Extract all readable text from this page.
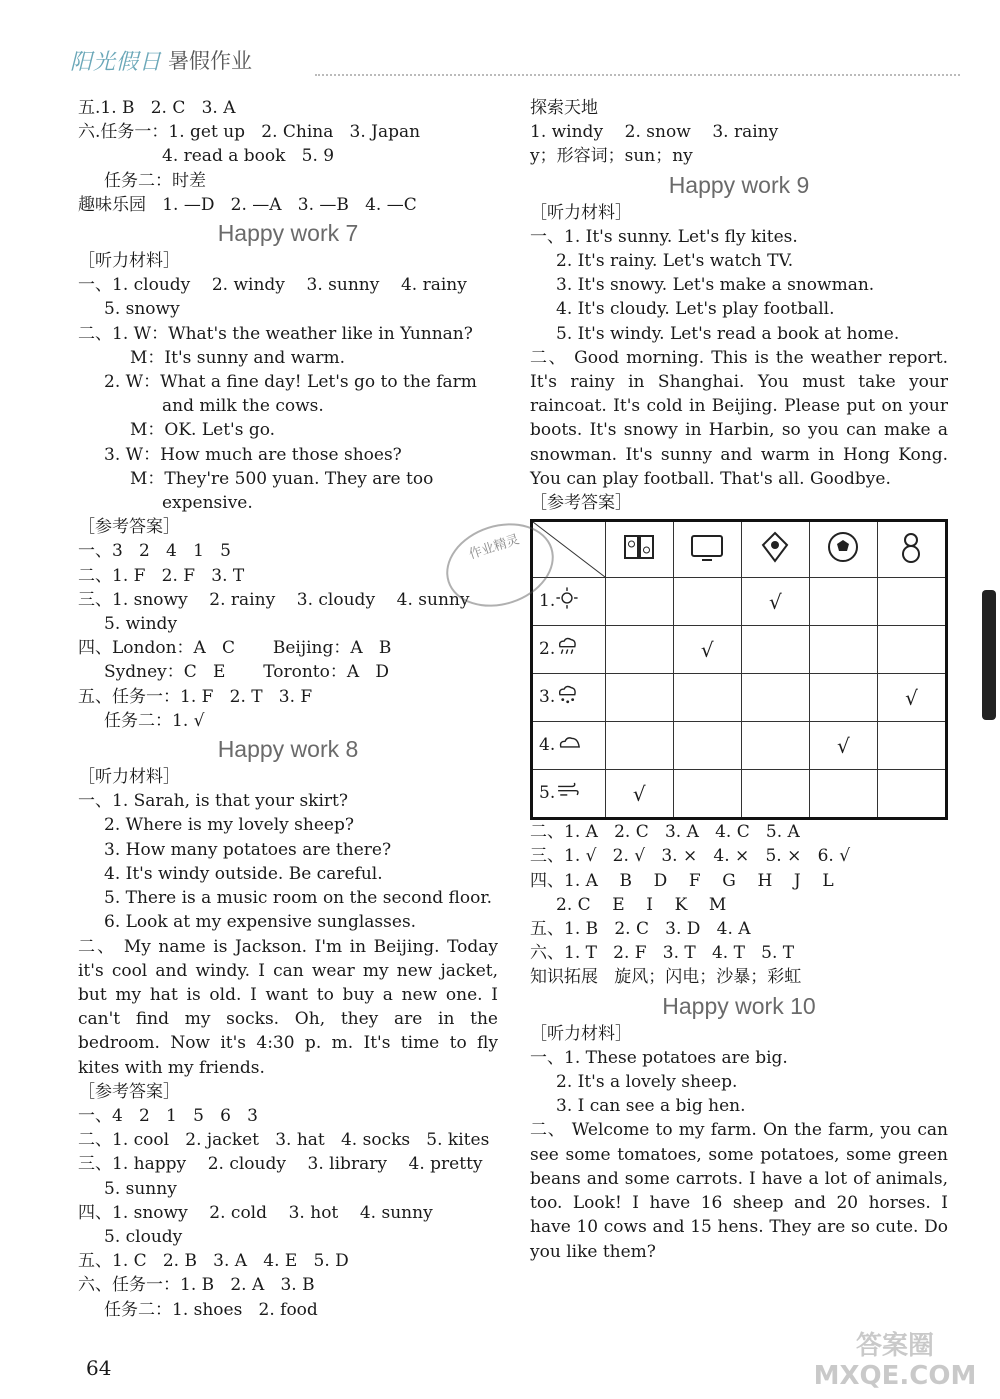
阳光假日 暑假作业
五.1. B   2. C   3. A
六.任务一：1. get up   2. China   3. Japan
4. read a book   5. 9
任务二：时差
趣味乐园   1. —D   2. —A   3. —B   4. —C
Happy work 7
［听力材料］
一、1. cloudy    2. windy    3. sunny    4. rainy
5. snowy
二、1. W：What's the weather like in Yunnan?
M：It's sunny and warm.
2. W：What a fine day! Let's go to the farm
and milk the cows.
M：OK. Let's go.
3. W：How much are those shoes?
M：They're 500 yuan. They are too
expensive.
［参考答案］
一、3   2   4   1   5
二、1. F   2. F   3. T
三、1. snowy    2. rainy    3. cloudy    4. sunny
5. windy
四、London：A   C       Beijing：A   B
Sydney：C   E       Toronto：A   D
五、任务一：1. F   2. T   3. F
任务二：1. √
Happy work 8
［听力材料］
一、1. Sarah, is that your skirt?
2. Where is my lovely sheep?
3. How many potatoes are there?
4. It's windy outside. Be careful.
5. There is a music room on the second floor.
6. Look at my expensive sunglasses.
二、 My name is Jackson. I'm in Beijing. Today it's cool and windy. I can wear my new jacket, but my hat is old. I want to buy a new one. I can't find my socks. Oh, they are in the bedroom. Now it's 4:30 p. m. It's time to fly kites with my friends.
［参考答案］
一、4   2   1   5   6   3
二、1. cool   2. jacket   3. hat   4. socks   5. kites
三、1. happy    2. cloudy    3. library    4. pretty
5. sunny
四、1. snowy    2. cold    3. hot    4. sunny
5. cloudy
五、1. C   2. B   3. A   4. E   5. D
六、任务一：1. B   2. A   3. B
任务二：1. shoes   2. food
探索天地
1. windy    2. snow    3. rainy
y；形容词；sun；ny
Happy work 9
［听力材料］
一、1. It's sunny. Let's fly kites.
2. It's rainy. Let's watch TV.
3. It's snowy. Let's make a snowman.
4. It's cloudy. Let's play football.
5. It's windy. Let's read a book at home.
二、 Good morning. This is the weather report. It's rainy in Shanghai. You must take your raincoat. It's cold in Beijing. Please put on your boots. It's snowy in Harbin, so you can make a snowman. It's sunny and warm in Hong Kong. You can play football. That's all. Goodbye.
［参考答案］

1.			√		
2.		√			
3.					√
4.				√	
5.	√				
二、1. A   2. C   3. A   4. C   5. A
三、1. √   2. √   3. ×   4. ×   5. ×   6. √
四、1. A    B    D    F    G    H    J    L
2. C    E    I    K    M
五、1. B   2. C   3. D   4. A
六、1. T   2. F   3. T   4. T   5. T
知识拓展   旋风；闪电；沙暴；彩虹
Happy work 10
［听力材料］
一、1. These potatoes are big.
2. It's a lovely sheep.
3. I can see a big hen.
二、 Welcome to my farm. On the farm, you can see some tomatoes, some potatoes, some green beans and some carrots. I have a lot of animals, too. Look! I have 16 sheep and 20 horses. I have 10 cows and 15 hens. They are so cute. Do you like them?
作业精灵
答案圈 MXQE.COM
64
